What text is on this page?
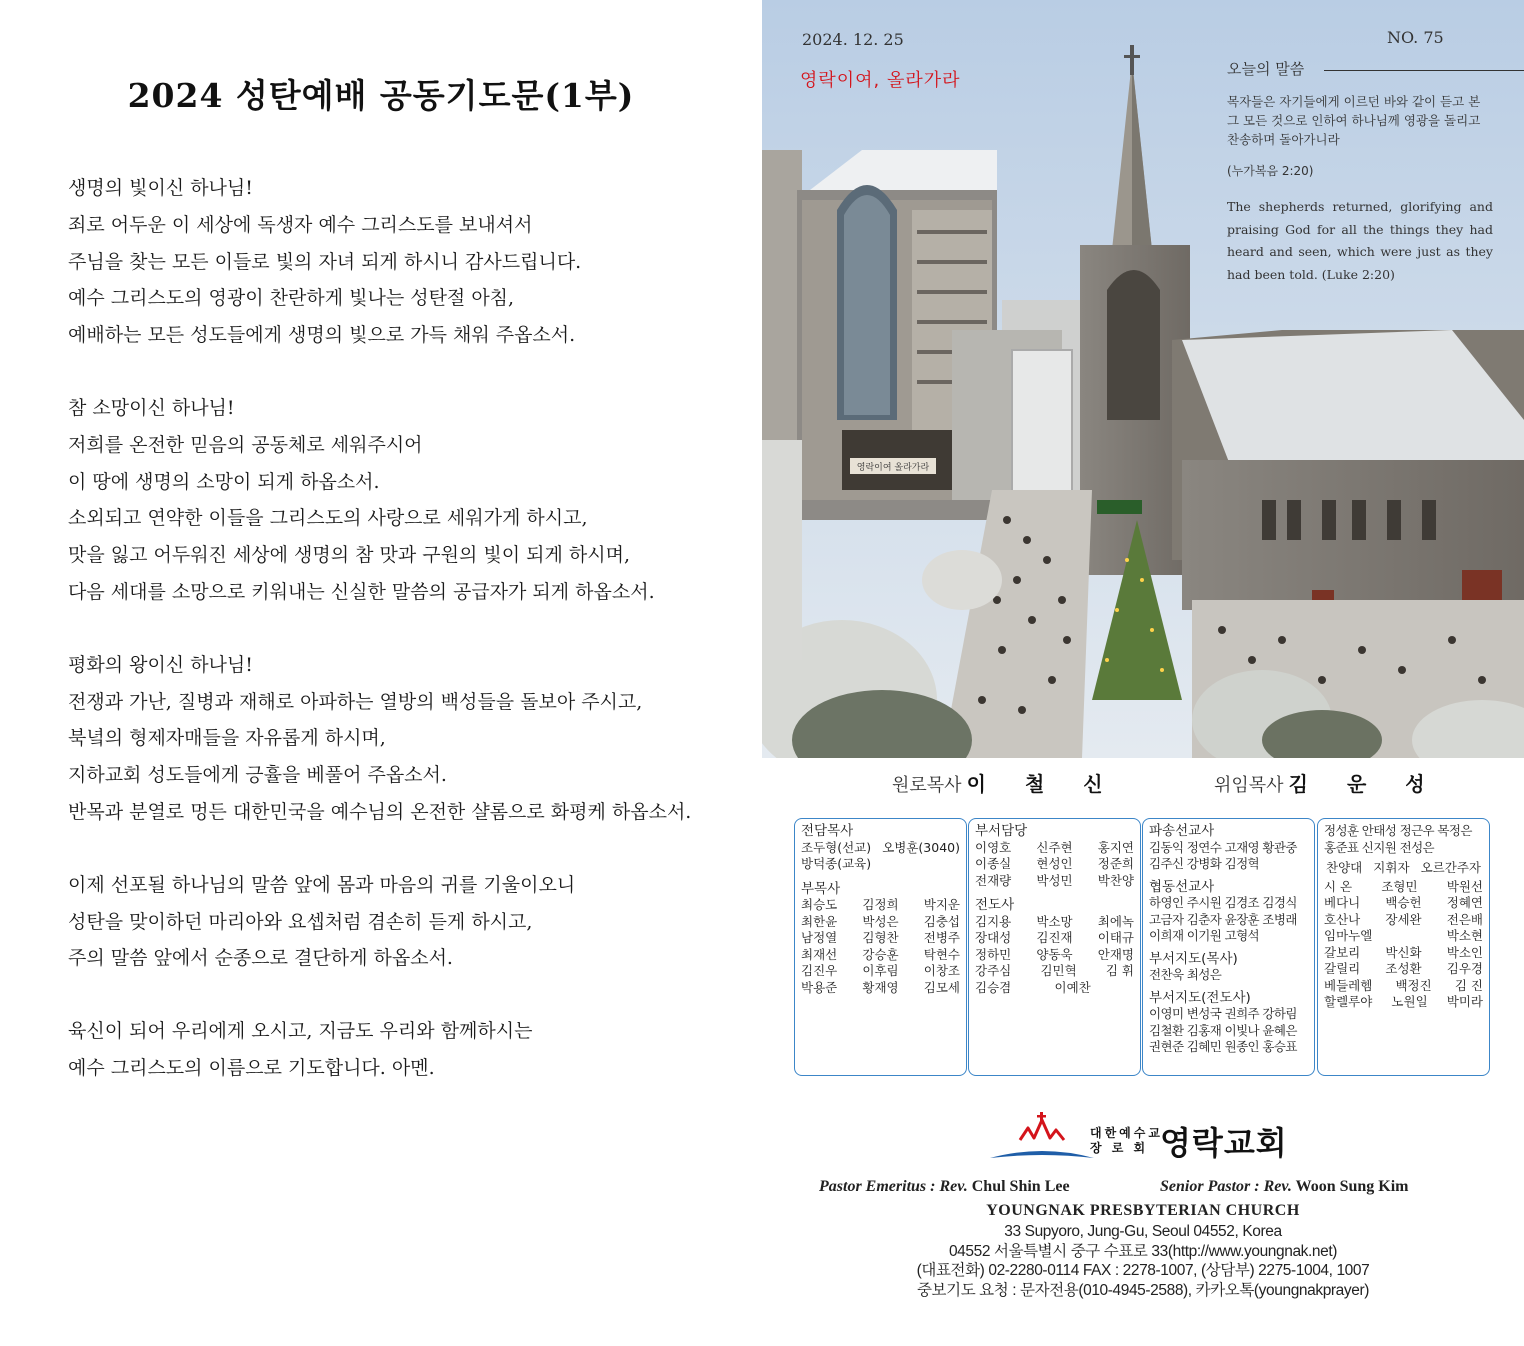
2024 성탄예배 공동기도문(1부)
생명의 빛이신 하나님!
죄로 어두운 이 세상에 독생자 예수 그리스도를 보내셔서
주님을 찾는 모든 이들로 빛의 자녀 되게 하시니 감사드립니다.
예수 그리스도의 영광이 찬란하게 빛나는 성탄절 아침,
예배하는 모든 성도들에게 생명의 빛으로 가득 채워 주옵소서.
참 소망이신 하나님!
저희를 온전한 믿음의 공동체로 세워주시어
이 땅에 생명의 소망이 되게 하옵소서.
소외되고 연약한 이들을 그리스도의 사랑으로 세워가게 하시고,
맛을 잃고 어두워진 세상에 생명의 참 맛과 구원의 빛이 되게 하시며,
다음 세대를 소망으로 키워내는 신실한 말씀의 공급자가 되게 하옵소서.
평화의 왕이신 하나님!
전쟁과 가난, 질병과 재해로 아파하는 열방의 백성들을 돌보아 주시고,
북녘의 형제자매들을 자유롭게 하시며,
지하교회 성도들에게 긍휼을 베풀어 주옵소서.
반목과 분열로 멍든 대한민국을 예수님의 온전한 샬롬으로 화평케 하옵소서.
이제 선포될 하나님의 말씀 앞에 몸과 마음의 귀를 기울이오니
성탄을 맞이하던 마리아와 요셉처럼 겸손히 듣게 하시고,
주의 말씀 앞에서 순종으로 결단하게 하옵소서.
육신이 되어 우리에게 오시고, 지금도 우리와 함께하시는
예수 그리스도의 이름으로 기도합니다. 아멘.
영락이여 올라가라
2024. 12. 25
영락이여, 올라가라
NO. 75
오늘의 말씀
목자들은 자기들에게 이르던 바와 같이 듣고 본 그 모든 것으로 인하여 하나님께 영광을 돌리고 찬송하며 돌아가니라
(누가복음 2:20)
The shepherds returned, glorifying and praising God for all the things they had heard and seen, which were just as they had been told. (Luke 2:20)
원로목사 이 철 신	위임목사 김 운 성
전담목사
조두형(선교) 오병훈(3040)
방덕종(교육)
부목사
최승도 김정희 박지운
최한윤 박성은 김충섭
남정열 김형찬 전병주
최재선 강승훈 탁현수
김진우 이후림 이창조
박용준 황재영 김모세
부서담당
이영호 신주현 홍지연
이종실 현성인 정준희
전재량 박성민 박찬양
전도사
김지용 박소망 최에녹
장대성 김진재 이태규
정하민 양동욱 안재명
강주심 김민혁 김 휘
김승겸	이예찬
파송선교사
김동익 정연수 고재영 황관중
김주신 강병화 김정혁
협동선교사
하영인 주시원 김경조 김경식
고금자 김춘자 윤장훈 조병래
이희재 이기원 고형석
부서지도(목사)
전찬욱 최성은
부서지도(전도사)
이영미 변성국 권희주 강하림
김철환 김홍재 이빛나 윤혜은
권현준 김혜민 원종인 홍승표
정성훈 안태성 정근우 목정은
홍준표 신지원 전성은
찬양대 지휘자 오르간주자
시 온 조형민 박원선
베다니 백승헌 정혜연
호산나 장세완 전은배
임마누엘	박소현
갈보리 박신화 박소인
갈릴리 조성환 김우경
베들레헴 백정진 김 진
할렐루야 노원일 박미라
대한예수교
장 로 회 영락교회
Pastor Emeritus : Rev. Chul Shin Lee	Senior Pastor : Rev. Woon Sung Kim
YOUNGNAK PRESBYTERIAN CHURCH
33 Supyoro, Jung-Gu, Seoul 04552, Korea
04552 서울특별시 중구 수표로 33(http://www.youngnak.net)
(대표전화) 02-2280-0114 FAX : 2278-1007, (상담부) 2275-1004, 1007
중보기도 요청 : 문자전용(010-4945-2588), 카카오톡(youngnakprayer)
